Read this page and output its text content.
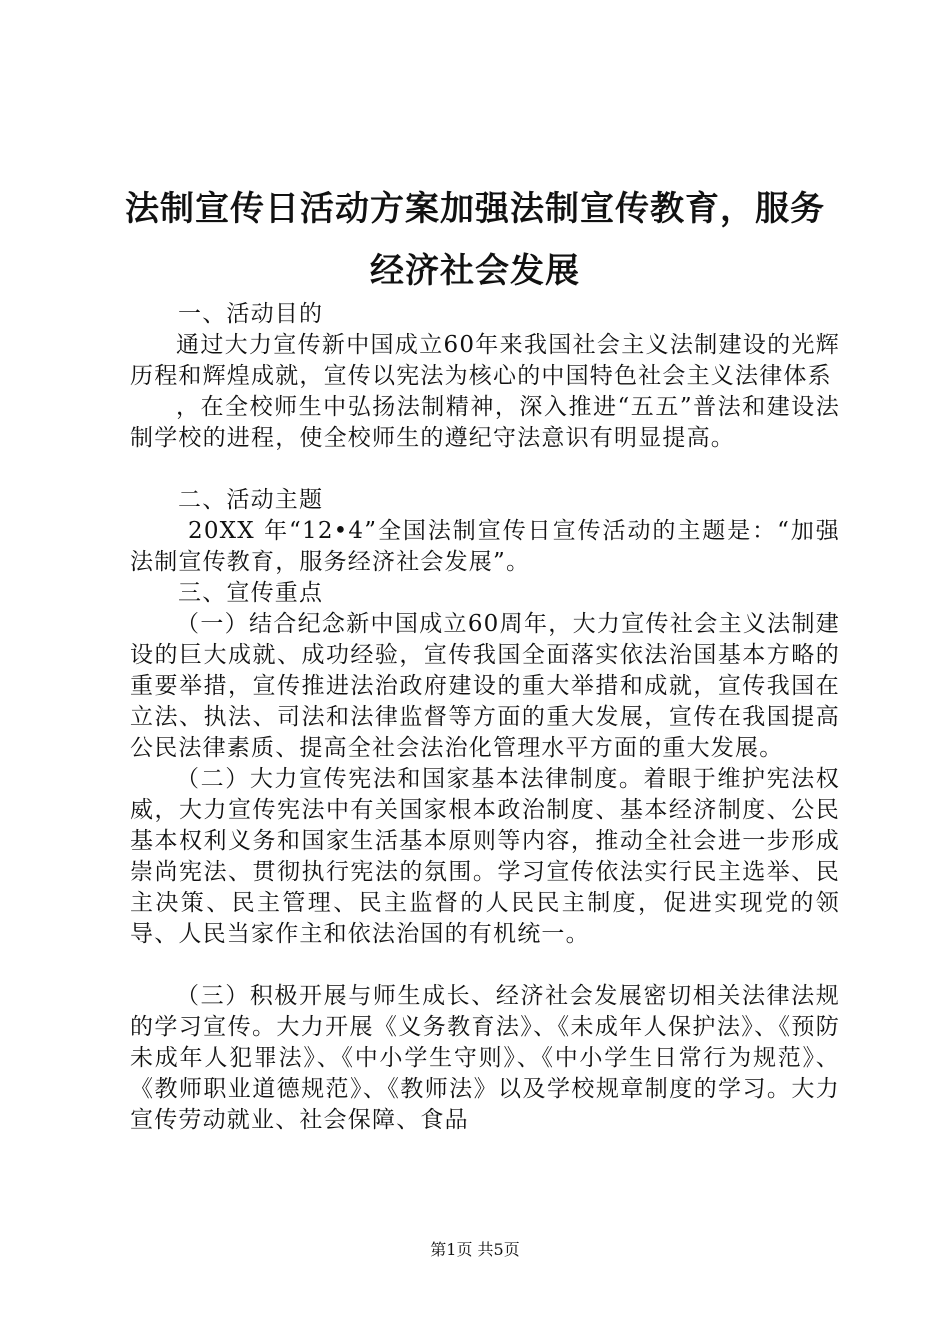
法制宣传日活动方案加强法制宣传教育，服务
经济社会发展

一、活动目的

通过大力宣传新中国成立60年来我国社会主义法制建设的光辉历程和辉煌成就，宣传以宪法为核心的中国特色社会主义法律体系

，在全校师生中弘扬法制精神，深入推进“五五”普法和建设法制学校的进程，使全校师生的遵纪守法意识有明显提高。

二、活动主题

20XX 年“12•4”全国法制宣传日宣传活动的主题是：“加强法制宣传教育，服务经济社会发展”。

三、宣传重点

（一）结合纪念新中国成立60周年，大力宣传社会主义法制建设的巨大成就、成功经验，宣传我国全面落实依法治国基本方略的重要举措，宣传推进法治政府建设的重大举措和成就，宣传我国在立法、执法、司法和法律监督等方面的重大发展，宣传在我国提高公民法律素质、提高全社会法治化管理水平方面的重大发展。

（二）大力宣传宪法和国家基本法律制度。着眼于维护宪法权威，大力宣传宪法中有关国家根本政治制度、基本经济制度、公民基本权利义务和国家生活基本原则等内容，推动全社会进一步形成崇尚宪法、贯彻执行宪法的氛围。学习宣传依法实行民主选举、民主决策、民主管理、民主监督的人民民主制度，促进实现党的领导、人民当家作主和依法治国的有机统一。

（三）积极开展与师生成长、经济社会发展密切相关法律法规的学习宣传。大力开展《义务教育法》、《未成年人保护法》、《预防未成年人犯罪法》、《中小学生守则》、《中小学生日常行为规范》、《教师职业道德规范》、《教师法》以及学校规章制度的学习。大力宣传劳动就业、社会保障、食品

第1页 共5页
